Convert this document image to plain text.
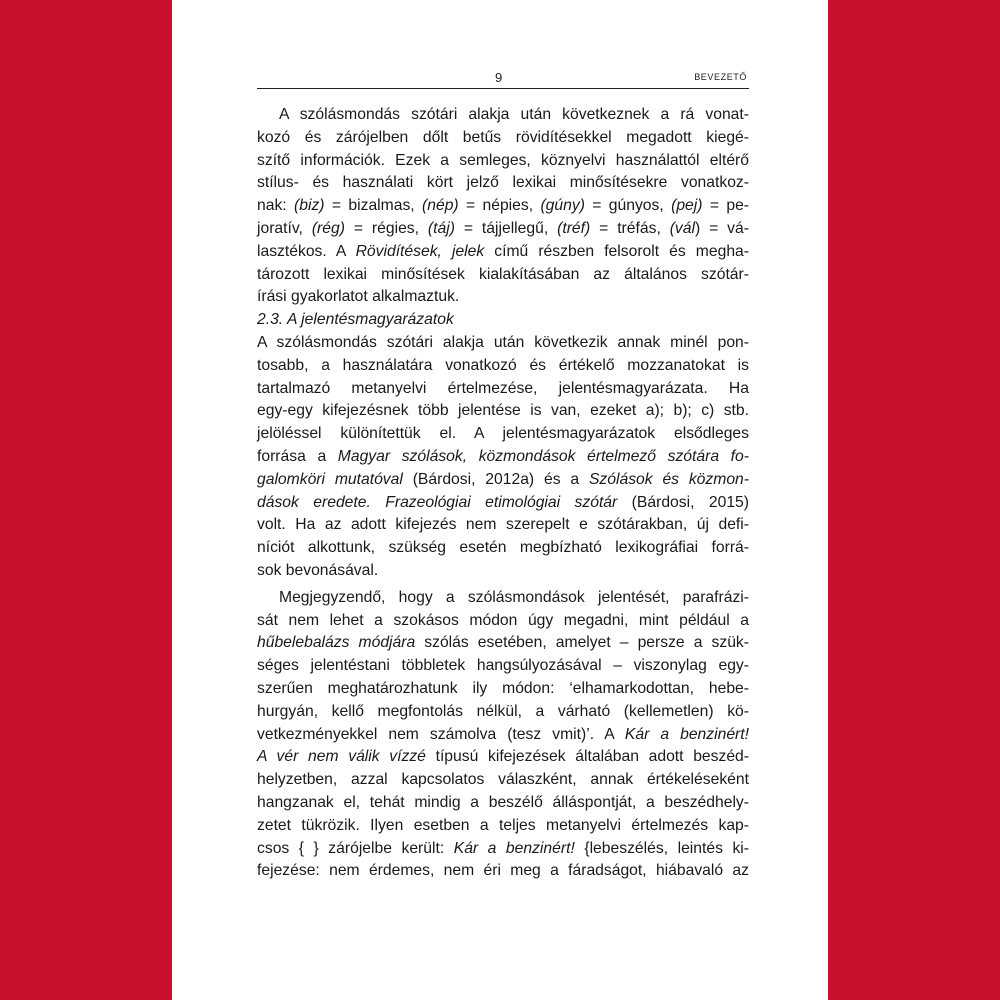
9	BEVEZETŐ
A szólásmondás szótári alakja után következnek a rá vonat-
kozó és zárójelben dőlt betűs rövidítésekkel megadott kiegé-
szítő információk. Ezek a semleges, köznyelvi használattól eltérő
stílus- és használati kört jelző lexikai minősítésekre vonatkoz-
nak: (biz) = bizalmas, (nép) = népies, (gúny) = gúnyos, (pej) = pe-
joratív, (rég) = régies, (táj) = tájjellegű, (tréf) = tréfás, (vál) = vá-
lasztékos. A Rövidítések, jelek című részben felsorolt és megha-
tározott lexikai minősítések kialakításában az általános szótár-
írási gyakorlatot alkalmaztuk.
2.3. A jelentésmagyarázatok
A szólásmondás szótári alakja után következik annak minél pon-
tosabb, a használatára vonatkozó és értékelő mozzanatokat is
tartalmazó metanyelvi értelmezése, jelentésmagyarázata. Ha
egy-egy kifejezésnek több jelentése is van, ezeket a); b); c) stb.
jelöléssel különítettük el. A jelentésmagyarázatok elsődleges
forrása a Magyar szólások, közmondások értelmező szótára fo-
galomköri mutatóval (Bárdosi, 2012a) és a Szólások és közmon-
dások eredete. Frazeológiai etimológiai szótár (Bárdosi, 2015)
volt. Ha az adott kifejezés nem szerepelt e szótárakban, új defi-
níciót alkottunk, szükség esetén megbízható lexikográfiai forrá-
sok bevonásával.
Megjegyzendő, hogy a szólásmondások jelentését, parafrázi-
sát nem lehet a szokásos módon úgy megadni, mint például a
hűbelebalázs módjára szólás esetében, amelyet – persze a szük-
séges jelentéstani többletek hangsúlyozásával – viszonylag egy-
szerűen meghatározhatunk ily módon: ‘elhamarkodottan, hebe-
hurgyán, kellő megfontolás nélkül, a várható (kellemetlen) kö-
vetkezményekkel nem számolva (tesz vmit)’. A Kár a benzinért!
A vér nem válik vízzé típusú kifejezések általában adott beszéd-
helyzetben, azzal kapcsolatos válaszként, annak értékeléseként
hangzanak el, tehát mindig a beszélő álláspontját, a beszédhely-
zetet tükrözik. Ilyen esetben a teljes metanyelvi értelmezés kap-
csos { } zárójelbe került: Kár a benzinért! {lebeszélés, leintés ki-
fejezése: nem érdemes, nem éri meg a fáradságot, hiábavaló az
